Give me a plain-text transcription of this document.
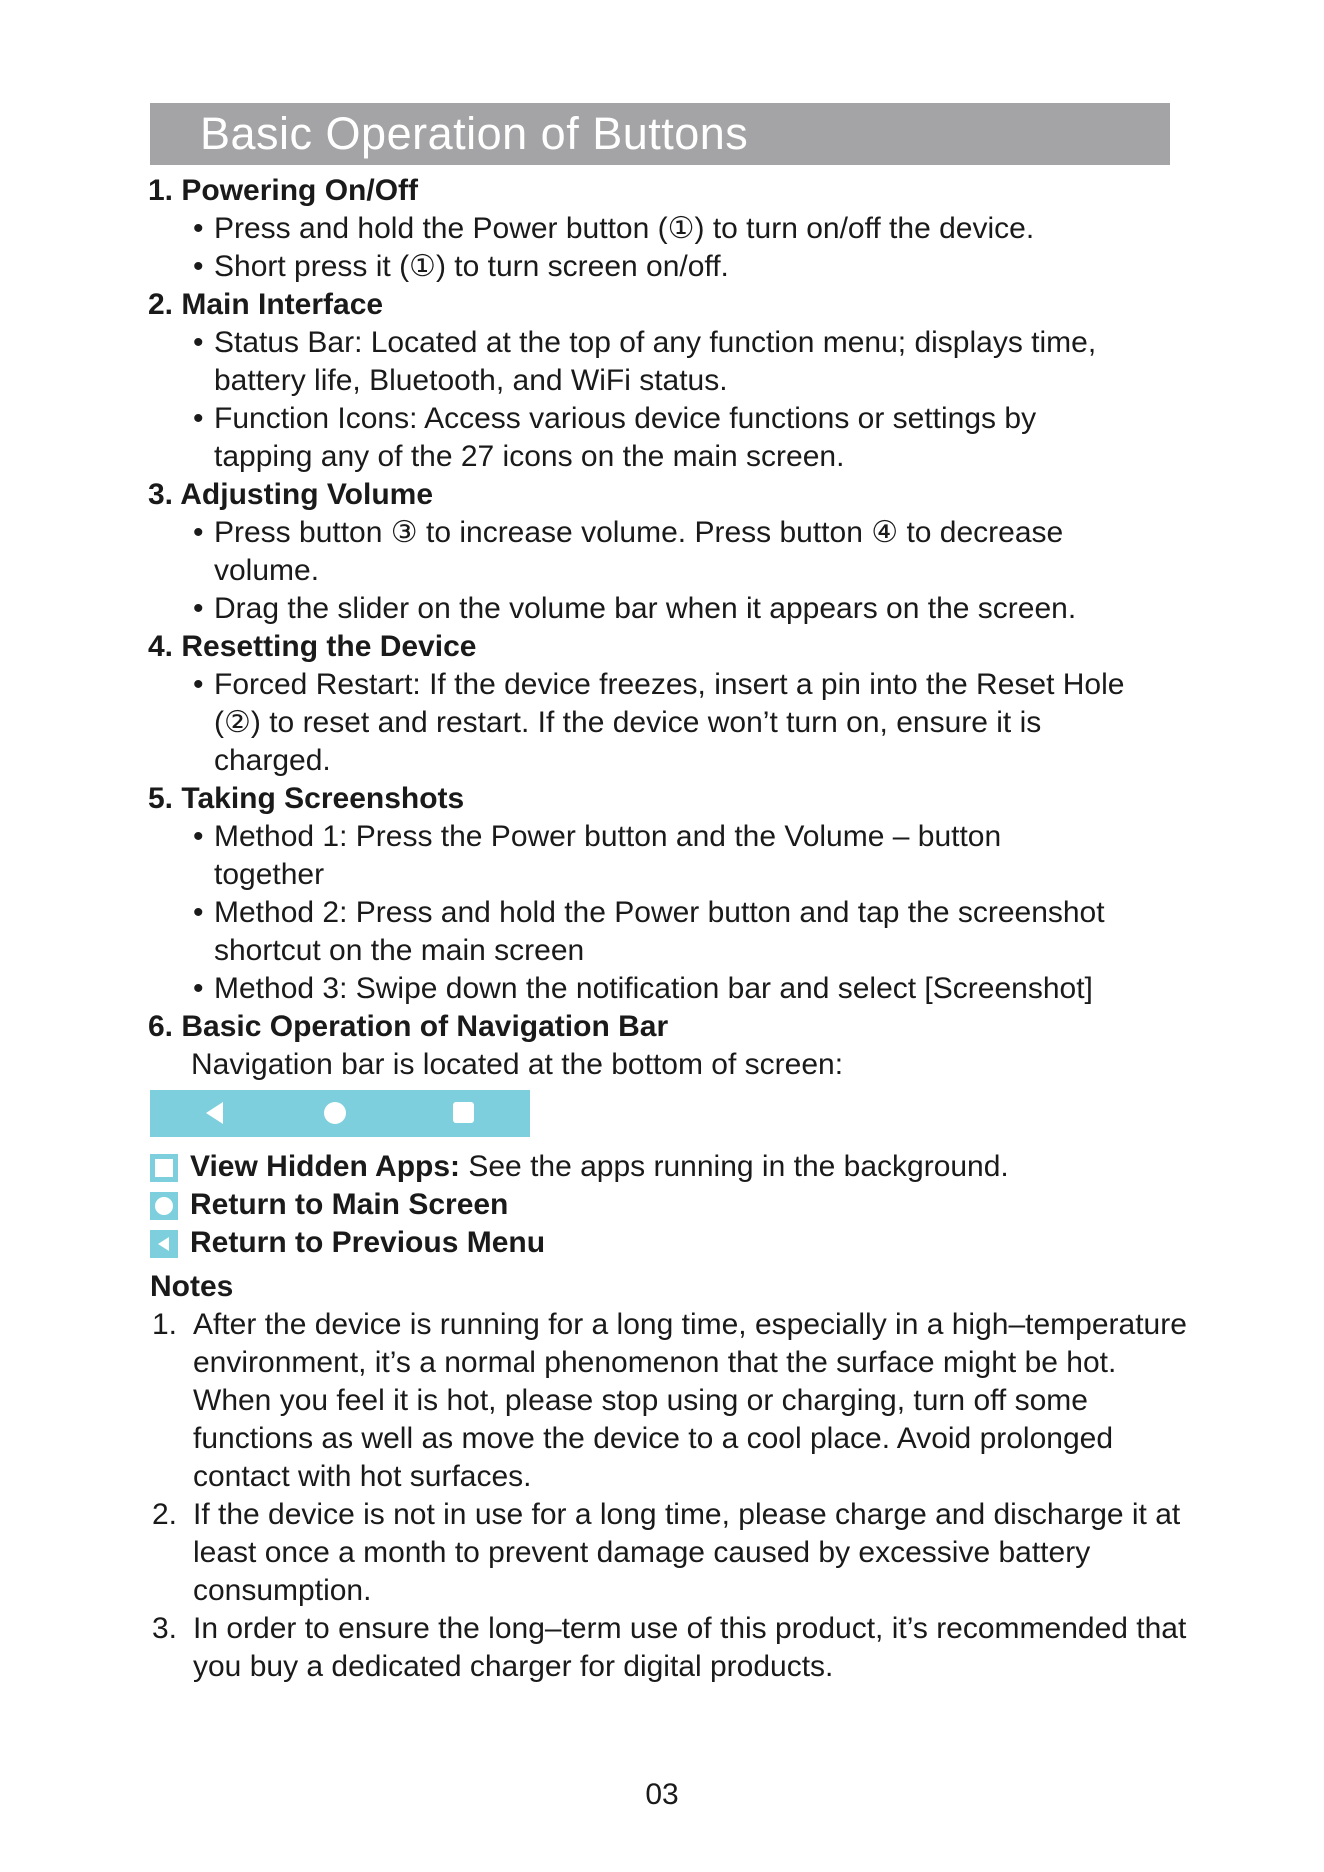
Basic Operation of Buttons
1. Powering On/Off
• Press and hold the Power button (①) to turn on/off the device.
• Short press it (①) to turn screen on/off.
2. Main Interface
• Status Bar: Located at the top of any function menu; displays time, battery life, Bluetooth, and WiFi status.
• Function Icons: Access various device functions or settings by tapping any of the 27 icons on the main screen.
3. Adjusting Volume
• Press button ③ to increase volume. Press button ④ to decrease volume.
• Drag the slider on the volume bar when it appears on the screen.
4. Resetting the Device
• Forced Restart: If the device freezes, insert a pin into the Reset Hole (②) to reset and restart. If the device won’t turn on, ensure it is charged.
5. Taking Screenshots
• Method 1: Press the Power button and the Volume – button together
• Method 2: Press and hold the Power button and tap the screenshot shortcut on the main screen
• Method 3: Swipe down the notification bar and select [Screenshot]
6. Basic Operation of Navigation Bar
Navigation bar is located at the bottom of screen:
View Hidden Apps: See the apps running in the background.
Return to Main Screen
Return to Previous Menu
Notes
1. After the device is running for a long time, especially in a high–temperature environment, it’s a normal phenomenon that the surface might be hot. When you feel it is hot, please stop using or charging, turn off some functions as well as move the device to a cool place. Avoid prolonged contact with hot surfaces.
2. If the device is not in use for a long time, please charge and discharge it at least once a month to prevent damage caused by excessive battery consumption.
3. In order to ensure the long–term use of this product, it’s recommended that you buy a dedicated charger for digital products.
03
